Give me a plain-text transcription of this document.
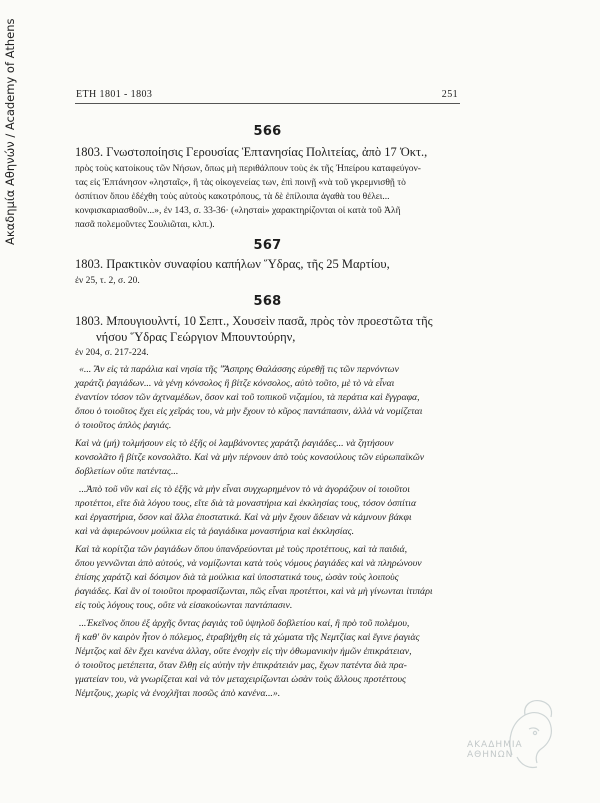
Ακαδημία Αθηνών / Academy of Athens	ΕΤΗ 1801 - 1803	251
566
1803. Γνωστοποίησις Γερουσίας Ἑπτανησίας Πολιτείας, ἀπὸ 17 Ὀκτ.,
πρὸς τοὺς κατοίκους τῶν Νήσων, ὅπως μὴ περιθάλπουν τοὺς ἐκ τῆς Ἠπείρου καταφεύγον-
τας εἰς Ἑπτάνησον «λησταῖς», ἢ τὰς οἰκογενείας των, ἐπὶ ποινῇ «νὰ τοῦ γκρεμνισθῇ τὸ
ὁσπίτιον ὅπου ἐδέχθη τοὺς αὐτοὺς κακοτρόπους, τὰ δὲ ἐπίλοιπα ἀγαθὰ του θέλει...
κονφισκαριασθοῦν...», ἐν 143, σ. 33-36· («λησταὶ» χαρακτηρίζονται οἱ κατὰ τοῦ Ἀλῆ
πασᾶ πολεμοῦντες Σουλιῶται, κλπ.).
567
1803. Πρακτικὸν συναφίου καπήλων Ὕδρας, τῆς 25 Μαρτίου,
ἐν 25, τ. 2, σ. 20.
568
1803. Μπουγιουλντί, 10 Σεπτ., Χουσεὶν πασᾶ, πρὸς τὸν προεστῶτα τῆς
νήσου Ὕδρας Γεώργιον Μπουντούρην,
ἐν 204, σ. 217-224.
«... Ἂν εἰς τὰ παράλια καὶ νησία τῆς "Ἄσπρης Θαλάσσης εὑρεθῇ τις τῶν περνόντων
χαράτζι ῥαγιάδων... νὰ γένῃ κόνσολος ἢ βίτζε κόνσολος, αὐτὸ τοῦτο, μὲ τὸ νὰ εἶναι
ἐναντίον τόσον τῶν ἀχτναμέδων, ὅσον καὶ τοῦ τοπικοῦ νιζαμίου, τὰ περάτια καὶ ἔγγραφα,
ὅπου ὁ τοιοῦτος ἔχει εἰς χεῖράς του, νὰ μὴν ἔχουν τὸ κῦρος παντάπασιν, ἀλλὰ νὰ νομίζεται
ὁ τοιοῦτος ἁπλὸς ῥαγιάς.
Καὶ νὰ (μή) τολμήσουν εἰς τὸ ἑξῆς οἱ λαμβάνοντες χαράτζι ῥαγιάδες... νὰ ζητήσουν
κονσολᾶτο ἢ βίτζε κονσολᾶτο. Καὶ νὰ μὴν πέρνουν ἀπὸ τοὺς κονσούλους τῶν εὐρωπαϊκῶν
δοβλετίων οὔτε πατέντας...
...Ἀπὸ τοῦ νῦν καὶ εἰς τὸ ἑξῆς νὰ μὴν εἶναι συγχωρημένον τὸ νὰ ἀγοράζουν οἱ τοιοῦτοι
προτέττοι, εἴτε διὰ λόγου τους, εἴτε διὰ τὰ μοναστήρια καὶ ἐκκλησίας τους, τόσον ὀσπίτια
καὶ ἐργαστήρια, ὅσον καὶ ἄλλα ἐποστατικά. Καὶ νὰ μὴν ἔχουν ἄδειαν νὰ κάμνουν βάκφι
καὶ νὰ ἀφιερώνουν μούλκια εἰς τὰ ῥαγιάδικα μοναστήρια καὶ ἐκκλησίας.
Καὶ τὰ κορίτζια τῶν ῥαγιάδων ὅπου ὑπανδρεύονται μὲ τοὺς προτέττους, καὶ τὰ παιδιά,
ὅπου γεννῶνται ἀπὸ αὐτούς, νὰ νομίζωνται κατὰ τοὺς νόμους ῥαγιάδες καὶ νὰ πληρώνουν
ἐπίσης χαράτζι καὶ δόσιμον διὰ τὰ μούλκια καὶ ὑποστατικά τους, ὡσὰν τοὺς λοιποὺς
ῥαγιάδες. Καὶ ἂν οἱ τοιοῦτοι προφασίζωνται, πῶς εἶναι προτέττοι, καὶ νὰ μὴ γίνωνται ἰτιπάρι
εἰς τοὺς λόγους τους, οὔτε νὰ εἰσακούωνται παντάπασιν.
...Ἐκεῖνος ὅπου ἐξ ἀρχῆς ὄντας ῥαγιὰς τοῦ ὑψηλοῦ δοβλετίου καί, ἢ πρὸ τοῦ πολέμου,
ἢ καθ' ὃν καιρὸν ἦτον ὁ πόλεμος, ἐτραβήχθη εἰς τὰ χώματα τῆς Νεμτζίας καὶ ἔγινε ῥαγιὰς
Νέμτζος καὶ δὲν ἔχει κανένα ἀλλαγ, οὔτε ἐνοχὴν εἰς τὴν ὀθωμανικὴν ἡμῶν ἐπικράτειαν,
ὁ τοιοῦτος μετέπειτα, ὅταν ἔλθῃ εἰς αὐτὴν τὴν ἐπικράτειάν μας, ἔχων πατέντα διὰ πρα-
γματείαν του, νὰ γνωρίζεται καὶ νὰ τὸν μεταχειρίζωνται ὡσὰν τοὺς ἄλλους προτέττους
Νέμτζους, χωρὶς νὰ ἐνοχλῆται ποσῶς ἀπὸ κανένα...».
ΑΚΑΔΗΜΙΑ  ΑΘΗΝΩΝ
